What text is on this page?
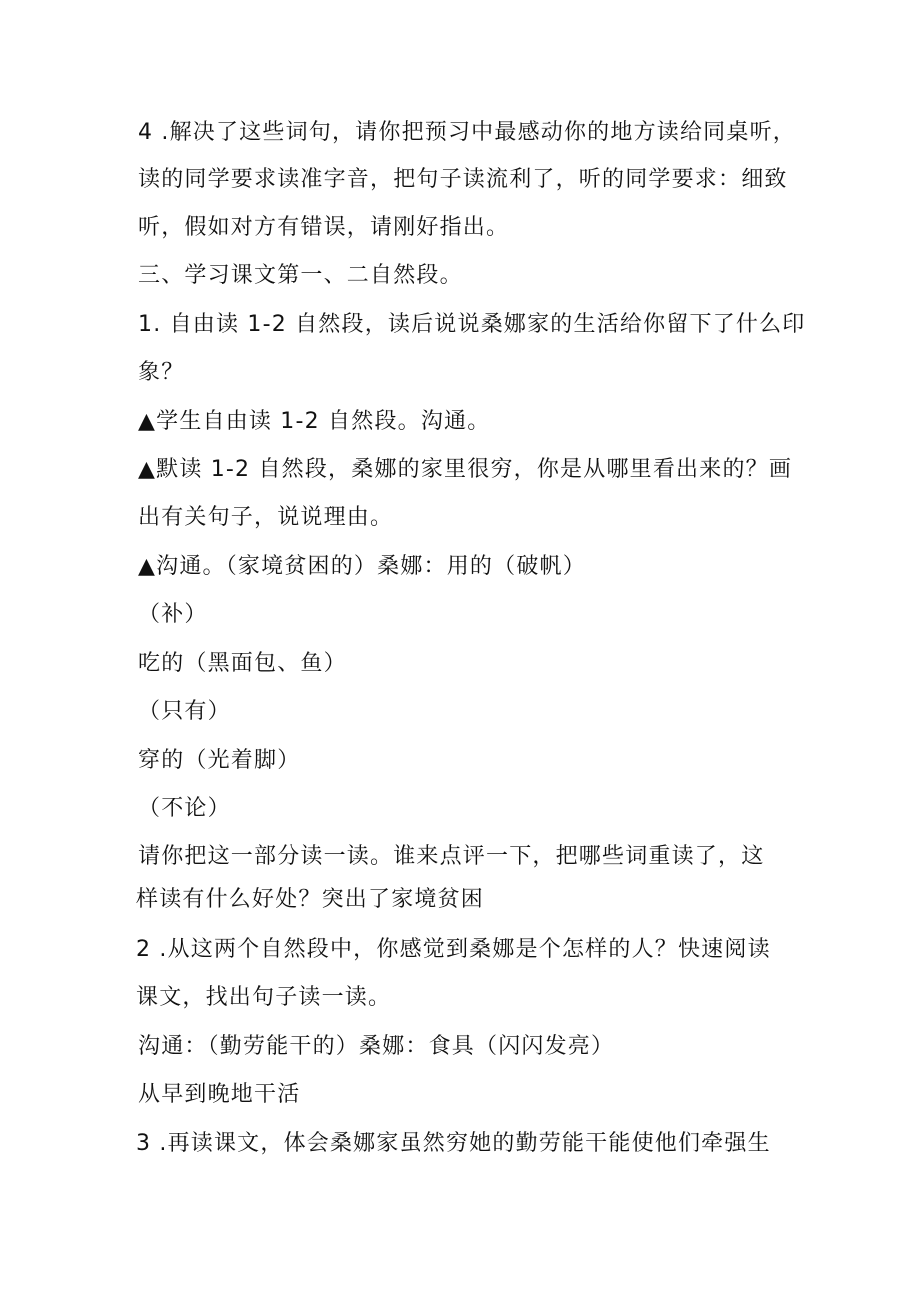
4 .解决了这些词句，请你把预习中最感动你的地方读给同桌听，
读的同学要求读准字音，把句子读流利了，听的同学要求：细致
听，假如对方有错误，请刚好指出。
三、学习课文第一、二自然段。
1. 自由读 1-2 自然段，读后说说桑娜家的生活给你留下了什么印
象？
▲学生自由读 1-2 自然段。沟通。
▲默读 1-2 自然段，桑娜的家里很穷，你是从哪里看出来的？画
出有关句子，说说理由。
▲沟通。（家境贫困的）桑娜：用的（破帆）
（补）
吃的（黑面包、鱼）
（只有）
穿的（光着脚）
（不论）
请你把这一部分读一读。谁来点评一下，把哪些词重读了，这
样读有什么好处？突出了家境贫困
2 .从这两个自然段中，你感觉到桑娜是个怎样的人？快速阅读
课文，找出句子读一读。
沟通：（勤劳能干的）桑娜：食具（闪闪发亮）
从早到晚地干活
3 .再读课文，体会桑娜家虽然穷她的勤劳能干能使他们牵强生
